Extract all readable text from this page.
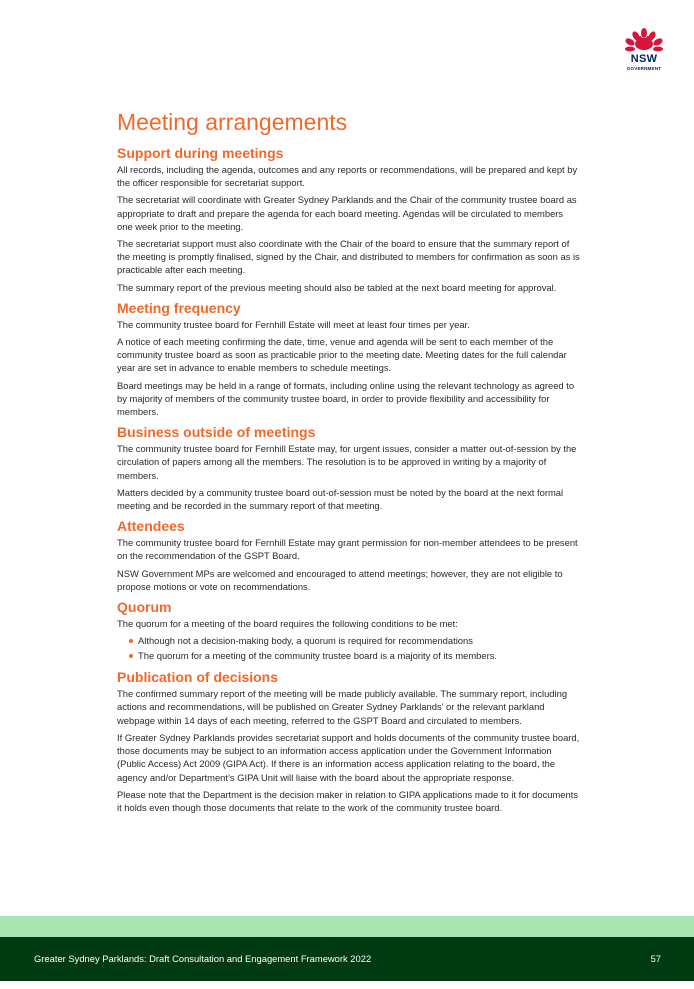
NSW
GOVERNMENT
Meeting arrangements
Support during meetings

All records, including the agenda, outcomes and any reports or recommendations, will be prepared and kept by the officer responsible for secretariat support.

The secretariat will coordinate with Greater Sydney Parklands and the Chair of the community trustee board as appropriate to draft and prepare the agenda for each board meeting. Agendas will be circulated to members one week prior to the meeting.

The secretariat support must also coordinate with the Chair of the board to ensure that the summary report of the meeting is promptly finalised, signed by the Chair, and distributed to members for confirmation as soon as is practicable after each meeting.

The summary report of the previous meeting should also be tabled at the next board meeting for approval.

Meeting frequency

The community trustee board for Fernhill Estate will meet at least four times per year.

A notice of each meeting confirming the date, time, venue and agenda will be sent to each member of the community trustee board as soon as practicable prior to the meeting date. Meeting dates for the full calendar year are set in advance to enable members to schedule meetings.

Board meetings may be held in a range of formats, including online using the relevant technology as agreed to by majority of members of the community trustee board, in order to provide flexibility and accessibility for members.

Business outside of meetings

The community trustee board for Fernhill Estate may, for urgent issues, consider a matter out-of-session by the circulation of papers among all the members. The resolution is to be approved in writing by a majority of members.

Matters decided by a community trustee board out-of-session must be noted by the board at the next formal meeting and be recorded in the summary report of that meeting.

Attendees

The community trustee board for Fernhill Estate may grant permission for non-member attendees to be present on the recommendation of the GSPT Board.

NSW Government MPs are welcomed and encouraged to attend meetings; however, they are not eligible to propose motions or vote on recommendations.

Quorum

The quorum for a meeting of the board requires the following conditions to be met:

Although not a decision-making body, a quorum is required for recommendations
The quorum for a meeting of the community trustee board is a majority of its members.
Publication of decisions

The confirmed summary report of the meeting will be made publicly available. The summary report, including actions and recommendations, will be published on Greater Sydney Parklands’ or the relevant parkland webpage within 14 days of each meeting, referred to the GSPT Board and circulated to members.

If Greater Sydney Parklands provides secretariat support and holds documents of the community trustee board, those documents may be subject to an information access application under the Government Information (Public Access) Act 2009 (GIPA Act). If there is an information access application relating to the board, the agency and/or Department’s GIPA Unit will liaise with the board about the appropriate response.

Please note that the Department is the decision maker in relation to GIPA applications made to it for documents it holds even though those documents that relate to the work of the community trustee board.

Greater Sydney Parklands: Draft Consultation and Engagement Framework 2022	57
